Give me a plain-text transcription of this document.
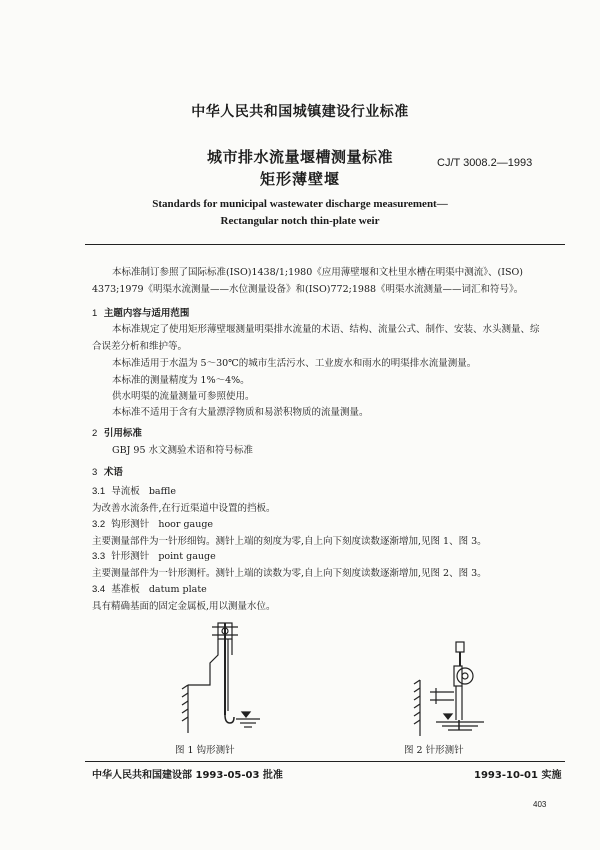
中华人民共和国城镇建设行业标准
城市排水流量堰槽测量标准
矩形薄壁堰
CJ/T 3008.2—1993
Standards for municipal wastewater discharge measurement—
Rectangular notch thin-plate weir
本标准制订参照了国际标准(ISO)1438/1;1980《应用薄壁堰和文杜里水槽在明渠中测流》、(ISO)
4373;1979《明渠水流测量——水位测量设备》和(ISO)772;1988《明渠水流测量——词汇和符号》。
1 主题内容与适用范围
本标准规定了使用矩形薄壁堰测量明渠排水流量的术语、结构、流量公式、制作、安装、水头测量、综
合误差分析和维护等。
本标准适用于水温为 5～30℃的城市生活污水、工业废水和雨水的明渠排水流量测量。
本标准的测量精度为 1%～4%。
供水明渠的流量测量可参照使用。
本标准不适用于含有大量漂浮物质和易淤积物质的流量测量。
2 引用标准
GBJ 95 水文测验术语和符号标准
3 术语
3.1 导流板 baffle
为改善水流条件,在行近渠道中设置的挡板。
3.2 钩形测针 hoor gauge
主要测量部件为一针形细钩。测针上端的刻度为零,自上向下刻度读数逐渐增加,见图 1、图 3。
3.3 针形测针 point gauge
主要测量部件为一针形测杆。测针上端的读数为零,自上向下刻度读数逐渐增加,见图 2、图 3。
3.4 基准板 datum plate
具有精确基面的固定金属板,用以测量水位。
图 1 钩形测针	图 2 针形测针
中华人民共和国建设部 1993-05-03 批准	1993-10-01 实施
403
